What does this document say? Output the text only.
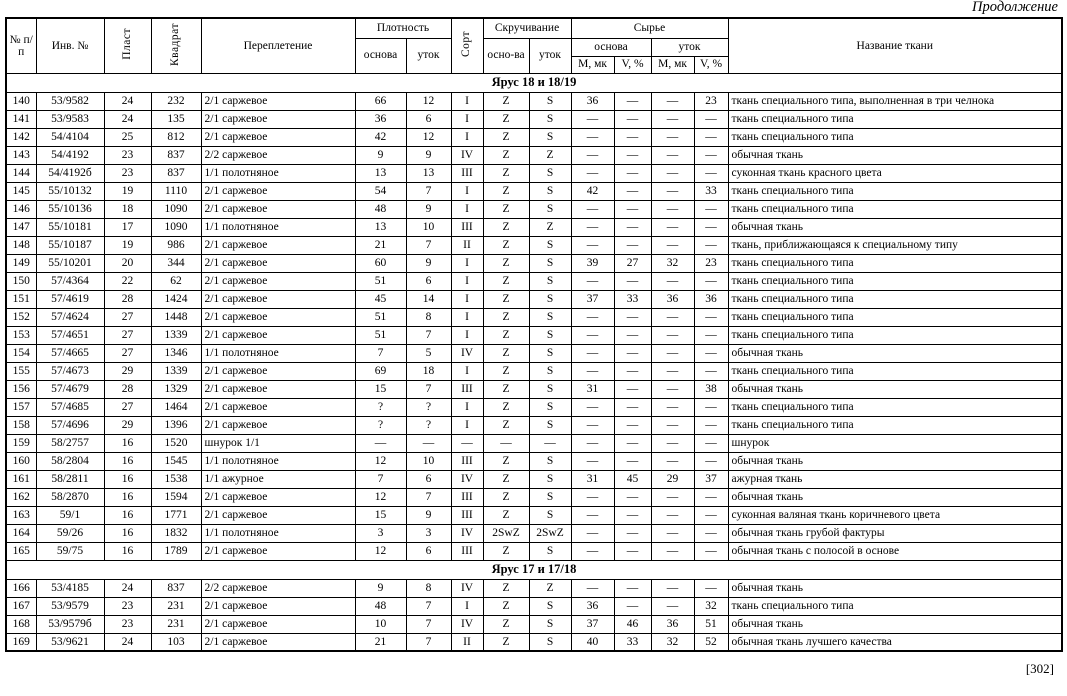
Продолжение
№ п/п	Инв. №	Пласт	Квадрат	Переплетение	Плотность		Сорт	Скручивание		Сырье				Название ткани
					основа	уток		осно-ва	уток	основа		уток		
										М, мк	V, %	М, мк	V, %	
Ярус 18 и 18/19														
140	53/9582	24	232	2/1 саржевое	66	12	I	Z	S	36	—	—	23	ткань специального типа, выполненная в три челнока
141	53/9583	24	135	2/1 саржевое	36	6	I	Z	S	—	—	—	—	ткань специального типа
142	54/4104	25	812	2/1 саржевое	42	12	I	Z	S	—	—	—	—	ткань специального типа
143	54/4192	23	837	2/2 саржевое	9	9	IV	Z	Z	—	—	—	—	обычная ткань
144	54/4192б	23	837	1/1 полотняное	13	13	III	Z	S	—	—	—	—	суконная ткань красного цвета
145	55/10132	19	1110	2/1 саржевое	54	7	I	Z	S	42	—	—	33	ткань специального типа
146	55/10136	18	1090	2/1 саржевое	48	9	I	Z	S	—	—	—	—	ткань специального типа
147	55/10181	17	1090	1/1 полотняное	13	10	III	Z	Z	—	—	—	—	обычная ткань
148	55/10187	19	986	2/1 саржевое	21	7	II	Z	S	—	—	—	—	ткань, приближающаяся к специальному типу
149	55/10201	20	344	2/1 саржевое	60	9	I	Z	S	39	27	32	23	ткань специального типа
150	57/4364	22	62	2/1 саржевое	51	6	I	Z	S	—	—	—	—	ткань специального типа
151	57/4619	28	1424	2/1 саржевое	45	14	I	Z	S	37	33	36	36	ткань специального типа
152	57/4624	27	1448	2/1 саржевое	51	8	I	Z	S	—	—	—	—	ткань специального типа
153	57/4651	27	1339	2/1 саржевое	51	7	I	Z	S	—	—	—	—	ткань специального типа
154	57/4665	27	1346	1/1 полотняное	7	5	IV	Z	S	—	—	—	—	обычная ткань
155	57/4673	29	1339	2/1 саржевое	69	18	I	Z	S	—	—	—	—	ткань специального типа
156	57/4679	28	1329	2/1 саржевое	15	7	III	Z	S	31	—	—	38	обычная ткань
157	57/4685	27	1464	2/1 саржевое	?	?	I	Z	S	—	—	—	—	ткань специального типа
158	57/4696	29	1396	2/1 саржевое	?	?	I	Z	S	—	—	—	—	ткань специального типа
159	58/2757	16	1520	шнурок 1/1	—	—	—	—	—	—	—	—	—	шнурок
160	58/2804	16	1545	1/1 полотняное	12	10	III	Z	S	—	—	—	—	обычная ткань
161	58/2811	16	1538	1/1 ажурное	7	6	IV	Z	S	31	45	29	37	ажурная ткань
162	58/2870	16	1594	2/1 саржевое	12	7	III	Z	S	—	—	—	—	обычная ткань
163	59/1	16	1771	2/1 саржевое	15	9	III	Z	S	—	—	—	—	суконная валяная ткань коричневого цвета
164	59/26	16	1832	1/1 полотняное	3	3	IV	2SwZ	2SwZ	—	—	—	—	обычная ткань грубой фактуры
165	59/75	16	1789	2/1 саржевое	12	6	III	Z	S	—	—	—	—	обычная ткань с полосой в основе
Ярус 17 и 17/18														
166	53/4185	24	837	2/2 саржевое	9	8	IV	Z	Z	—	—	—	—	обычная ткань
167	53/9579	23	231	2/1 саржевое	48	7	I	Z	S	36	—	—	32	ткань специального типа
168	53/9579б	23	231	2/1 саржевое	10	7	IV	Z	S	37	46	36	51	обычная ткань
169	53/9621	24	103	2/1 саржевое	21	7	II	Z	S	40	33	32	52	обычная ткань лучшего качества
[302]
